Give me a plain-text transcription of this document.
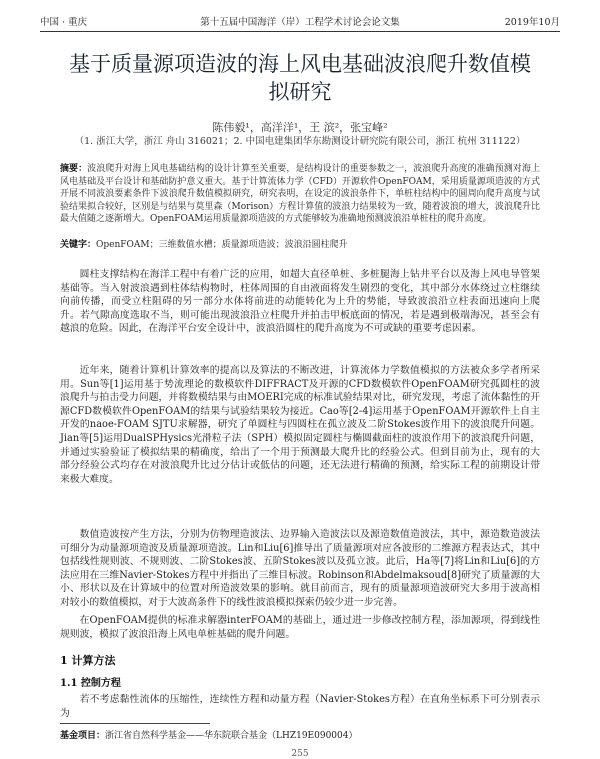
中国 · 重庆	第十五届中国海洋（岸）工程学术讨论会论文集	2019年10月
基于质量源项造波的海上风电基础波浪爬升数值模拟研究
陈伟毅¹，高洋洋¹，王 滨²，张宝峰²
（1. 浙江大学，浙江 舟山 316021；2. 中国电建集团华东勘测设计研究院有限公司，浙江 杭州 311122）
摘要：波浪爬升对海上风电基础结构的设计计算至关重要，是结构设计的重要参数之一，波浪爬升高度的准确预测对海上风电基础及平台设计和基础防护意义重大。基于计算流体力学（CFD）开源软件OpenFOAM，采用质量源项造波的方式开展不同波浪要素条件下波浪爬升数值模拟研究，研究表明，在设定的波浪条件下，单桩柱结构中的圆周向爬升高度与试验结果拟合较好，区别是与结果与莫里森（Morison）方程计算值的波浪力结果较为一致，随着波浪的增大，波浪爬升比最大值随之逐渐增大。OpenFOAM运用质量源项造波的方式能够较为准确地预测波浪沿单桩柱的爬升高度。
关键字：OpenFOAM；三维数值水槽；质量源项造波；波浪沿圆柱爬升

圆柱支撑结构在海洋工程中有着广泛的应用，如超大直径单桩、多桩腿海上钻井平台以及海上风电导管架基础等。当入射波浪遇到柱体结构物时，柱体周围的自由液面将发生剧烈的变化，其中部分水体绕过立柱继续向前传播，而受立柱阻碍的另一部分水体将前进的动能转化为上升的势能，导致波浪沿立柱表面迅速向上爬升。若气隙高度选取不当，则可能出现波浪沿立柱爬升并拍击甲板底面的情况，若是遇到极端海况，甚至会有越浪的危险。因此，在海洋平台安全设计中，波浪沿圆柱的爬升高度为不可或缺的重要考虑因素。

近年来，随着计算机计算效率的提高以及算法的不断改进，计算流体力学数值模拟的方法被众多学者所采用。Sun等[1]运用基于势流理论的数模软件DIFFRACT及开源的CFD数模软件OpenFOAM研究孤圆柱的波浪爬升与拍击受力问题，并将数模结果与由MOERI完成的标准试验结果对比，研究发现，考虑了流体黏性的开源CFD数模软件OpenFOAM的结果与试验结果较为接近。Cao等[2-4]运用基于OpenFOAM开源软件上自主开发的naoe-FOAM SJTU求解器，研究了单圆柱与四圆柱在孤立波及二阶Stokes波作用下的波浪爬升问题。Jian等[5]运用DualSPHysics光滑粒子法（SPH）模拟固定圆柱与椭圆截面柱的波浪作用下的波浪爬升问题，并通过实验验证了模拟结果的精确度，给出了一个用于预测最大爬升比的经验公式。但到目前为止，现有的大部分经验公式均存在对波浪爬升比过分估计或低估的问题，还无法进行精确的预测，给实际工程的前期设计带来极大难度。

数值造波按产生方法，分别为仿物理造波法、边界输入造波法以及源造数值造波法，其中，源造数造波法可细分为动量源项造波及质量源项造波。Lin和Liu[6]推导出了质量源项对应各波形的二维源方程表达式，其中包括线性规则波、不规则波、二阶Stokes波、五阶Stokes波以及孤立波。此后，Ha等[7]将Lin和Liu[6]的方法应用在三维Navier-Stokes方程中并指出了三维目标波。Robinson和Abdelmaksoud[8]研究了质量源的大小、形状以及在计算域中的位置对所造波效果的影响。就目前而言，现有的质量源项造波研究大多用于波高相对较小的数值模拟，对于大波高条件下的线性波浪模拟探索仍较少进一步完善。

在OpenFOAM提供的标准求解器interFOAM的基础上，通过进一步修改控制方程，添加源项，得到线性规则波，模拟了波浪沿海上风电单桩基础的爬升问题。

1 计算方法
1.1 控制方程

若不考虑黏性流体的压缩性，连续性方程和动量方程（Navier-Stokes方程）在直角坐标系下可分别表示为

基金项目：浙江省自然科学基金——华东院联合基金（LHZ19E090004）
255
